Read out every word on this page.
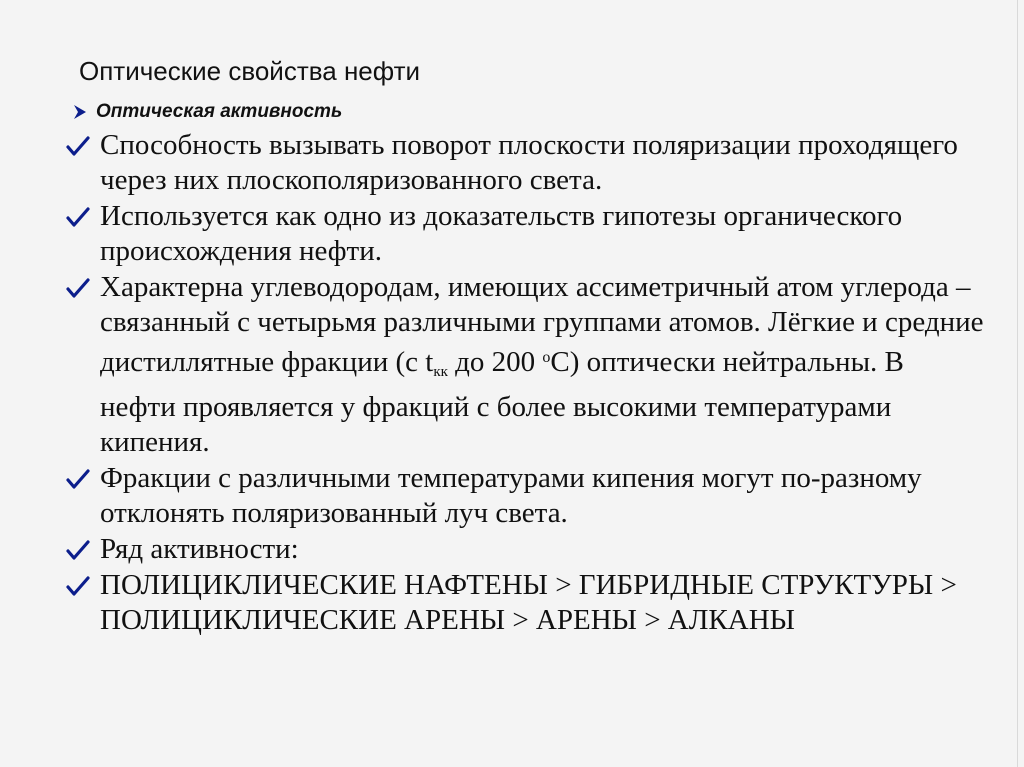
Оптические свойства нефти
Оптическая активность
Способность вызывать поворот плоскости поляризации проходящего через них плоскополяризованного света.
Используется как одно из доказательств гипотезы органического происхождения нефти.
Характерна углеводородам, имеющих ассиметричный атом углерода – связанный с четырьмя различными группами атомов. Лёгкие и средние дистиллятные фракции (с $t_{кк}$ до 200 $^о$С) оптически нейтральны. В нефти проявляется у фракций с более высокими температурами кипения.
Фракции с различными температурами кипения могут по-разному отклонять поляризованный луч света.
Ряд активности:
ПОЛИЦИКЛИЧЕСКИЕ НАФТЕНЫ > ГИБРИДНЫЕ СТРУКТУРЫ > ПОЛИЦИКЛИЧЕСКИЕ АРЕНЫ > АРЕНЫ > АЛКАНЫ
